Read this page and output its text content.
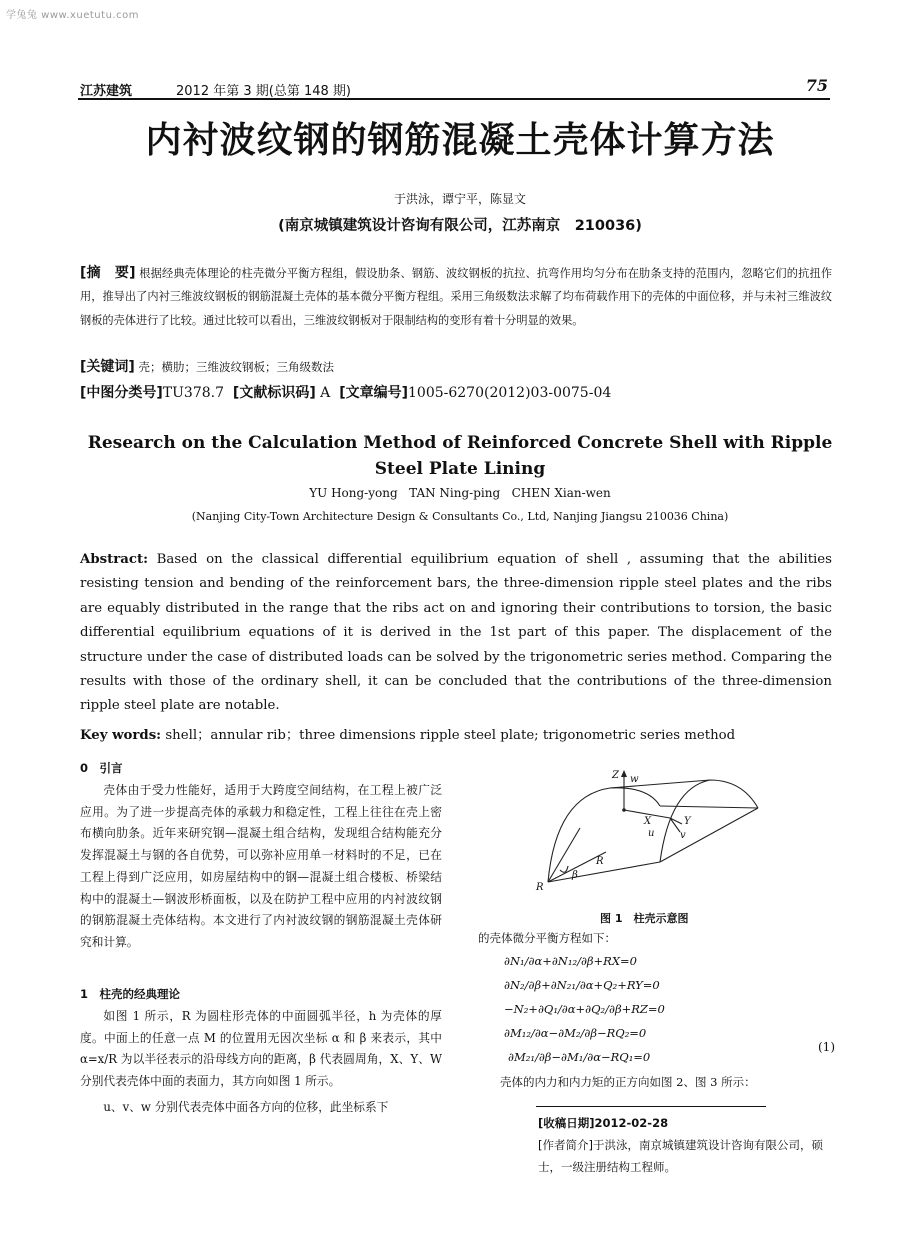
学兔兔 www.xuetutu.com
江苏建筑	2012 年第 3 期(总第 148 期)	75
内衬波纹钢的钢筋混凝土壳体计算方法
于洪泳，谭宁平，陈显文
(南京城镇建筑设计咨询有限公司，江苏南京　210036)
[摘　要] 根据经典壳体理论的柱壳微分平衡方程组，假设肋条、钢筋、波纹钢板的抗拉、抗弯作用均匀分布在肋条支持的范围内，忽略它们的抗扭作用，推导出了内衬三维波纹钢板的钢筋混凝土壳体的基本微分平衡方程组。采用三角级数法求解了均布荷载作用下的壳体的中面位移，并与未衬三维波纹钢板的壳体进行了比较。通过比较可以看出，三维波纹钢板对于限制结构的变形有着十分明显的效果。
[关键词] 壳；横肋；三维波纹钢板；三角级数法
[中图分类号]TU378.7 [文献标识码] A [文章编号]1005-6270(2012)03-0075-04
Research on the Calculation Method of Reinforced Concrete Shell with Ripple Steel Plate Lining
YU Hong-yong   TAN Ning-ping   CHEN Xian-wen
(Nanjing City-Town Architecture Design & Consultants Co., Ltd, Nanjing Jiangsu 210036 China)
Abstract: Based on the classical differential equilibrium equation of shell , assuming that the abilities resisting tension and bending of the reinforcement bars, the three-dimension ripple steel plates and the ribs are equably distributed in the range that the ribs act on and ignoring their contributions to torsion, the basic differential equilibrium equations of it is derived in the 1st part of this paper. The displacement of the structure under the case of distributed loads can be solved by the trigonometric series method. Comparing the results with those of the ordinary shell, it can be concluded that the contributions of the three-dimension ripple steel plate are notable.
Key words: shell；annular rib；three dimensions ripple steel plate; trigonometric series method
0　引言

壳体由于受力性能好，适用于大跨度空间结构，在工程上被广泛应用。为了进一步提高壳体的承载力和稳定性，工程上往往在壳上密布横向肋条。近年来研究钢—混凝土组合结构，发现组合结构能充分发挥混凝土与钢的各自优势，可以弥补应用单一材料时的不足，已在工程上得到广泛应用，如房屋结构中的钢—混凝土组合楼板、桥梁结构中的混凝土—钢波形桥面板，以及在防护工程中应用的内衬波纹钢的钢筋混凝土壳体结构。本文进行了内衬波纹钢的钢筋混凝土壳体研究和计算。

1　柱壳的经典理论

如图 1 所示，R 为圆柱形壳体的中面圆弧半径，h 为壳体的厚度。中面上的任意一点 M 的位置用无因次坐标 α 和 β 来表示，其中 α=x/R 为以半径表示的沿母线方向的距离，β 代表圆周角，X、Y、W 分别代表壳体中面的表面力，其方向如图 1 所示。

u、v、w 分别代表壳体中面各方向的位移，此坐标系下

Z
X	Y
u	v
w
R
R
β
图 1　柱壳示意图
的壳体微分平衡方程如下：
∂N₁/∂α+∂N₁₂/∂β+RX=0
∂N₂/∂β+∂N₂₁/∂α+Q₂+RY=0
−N₂+∂Q₁/∂α+∂Q₂/∂β+RZ=0
∂M₁₂/∂α−∂M₂/∂β−RQ₂=0
∂M₂₁/∂β−∂M₁/∂α−RQ₁=0
(1)
壳体的内力和内力矩的正方向如图 2、图 3 所示：
[收稿日期]2012-02-28
[作者简介]于洪泳，南京城镇建筑设计咨询有限公司，硕士，一级注册结构工程师。
